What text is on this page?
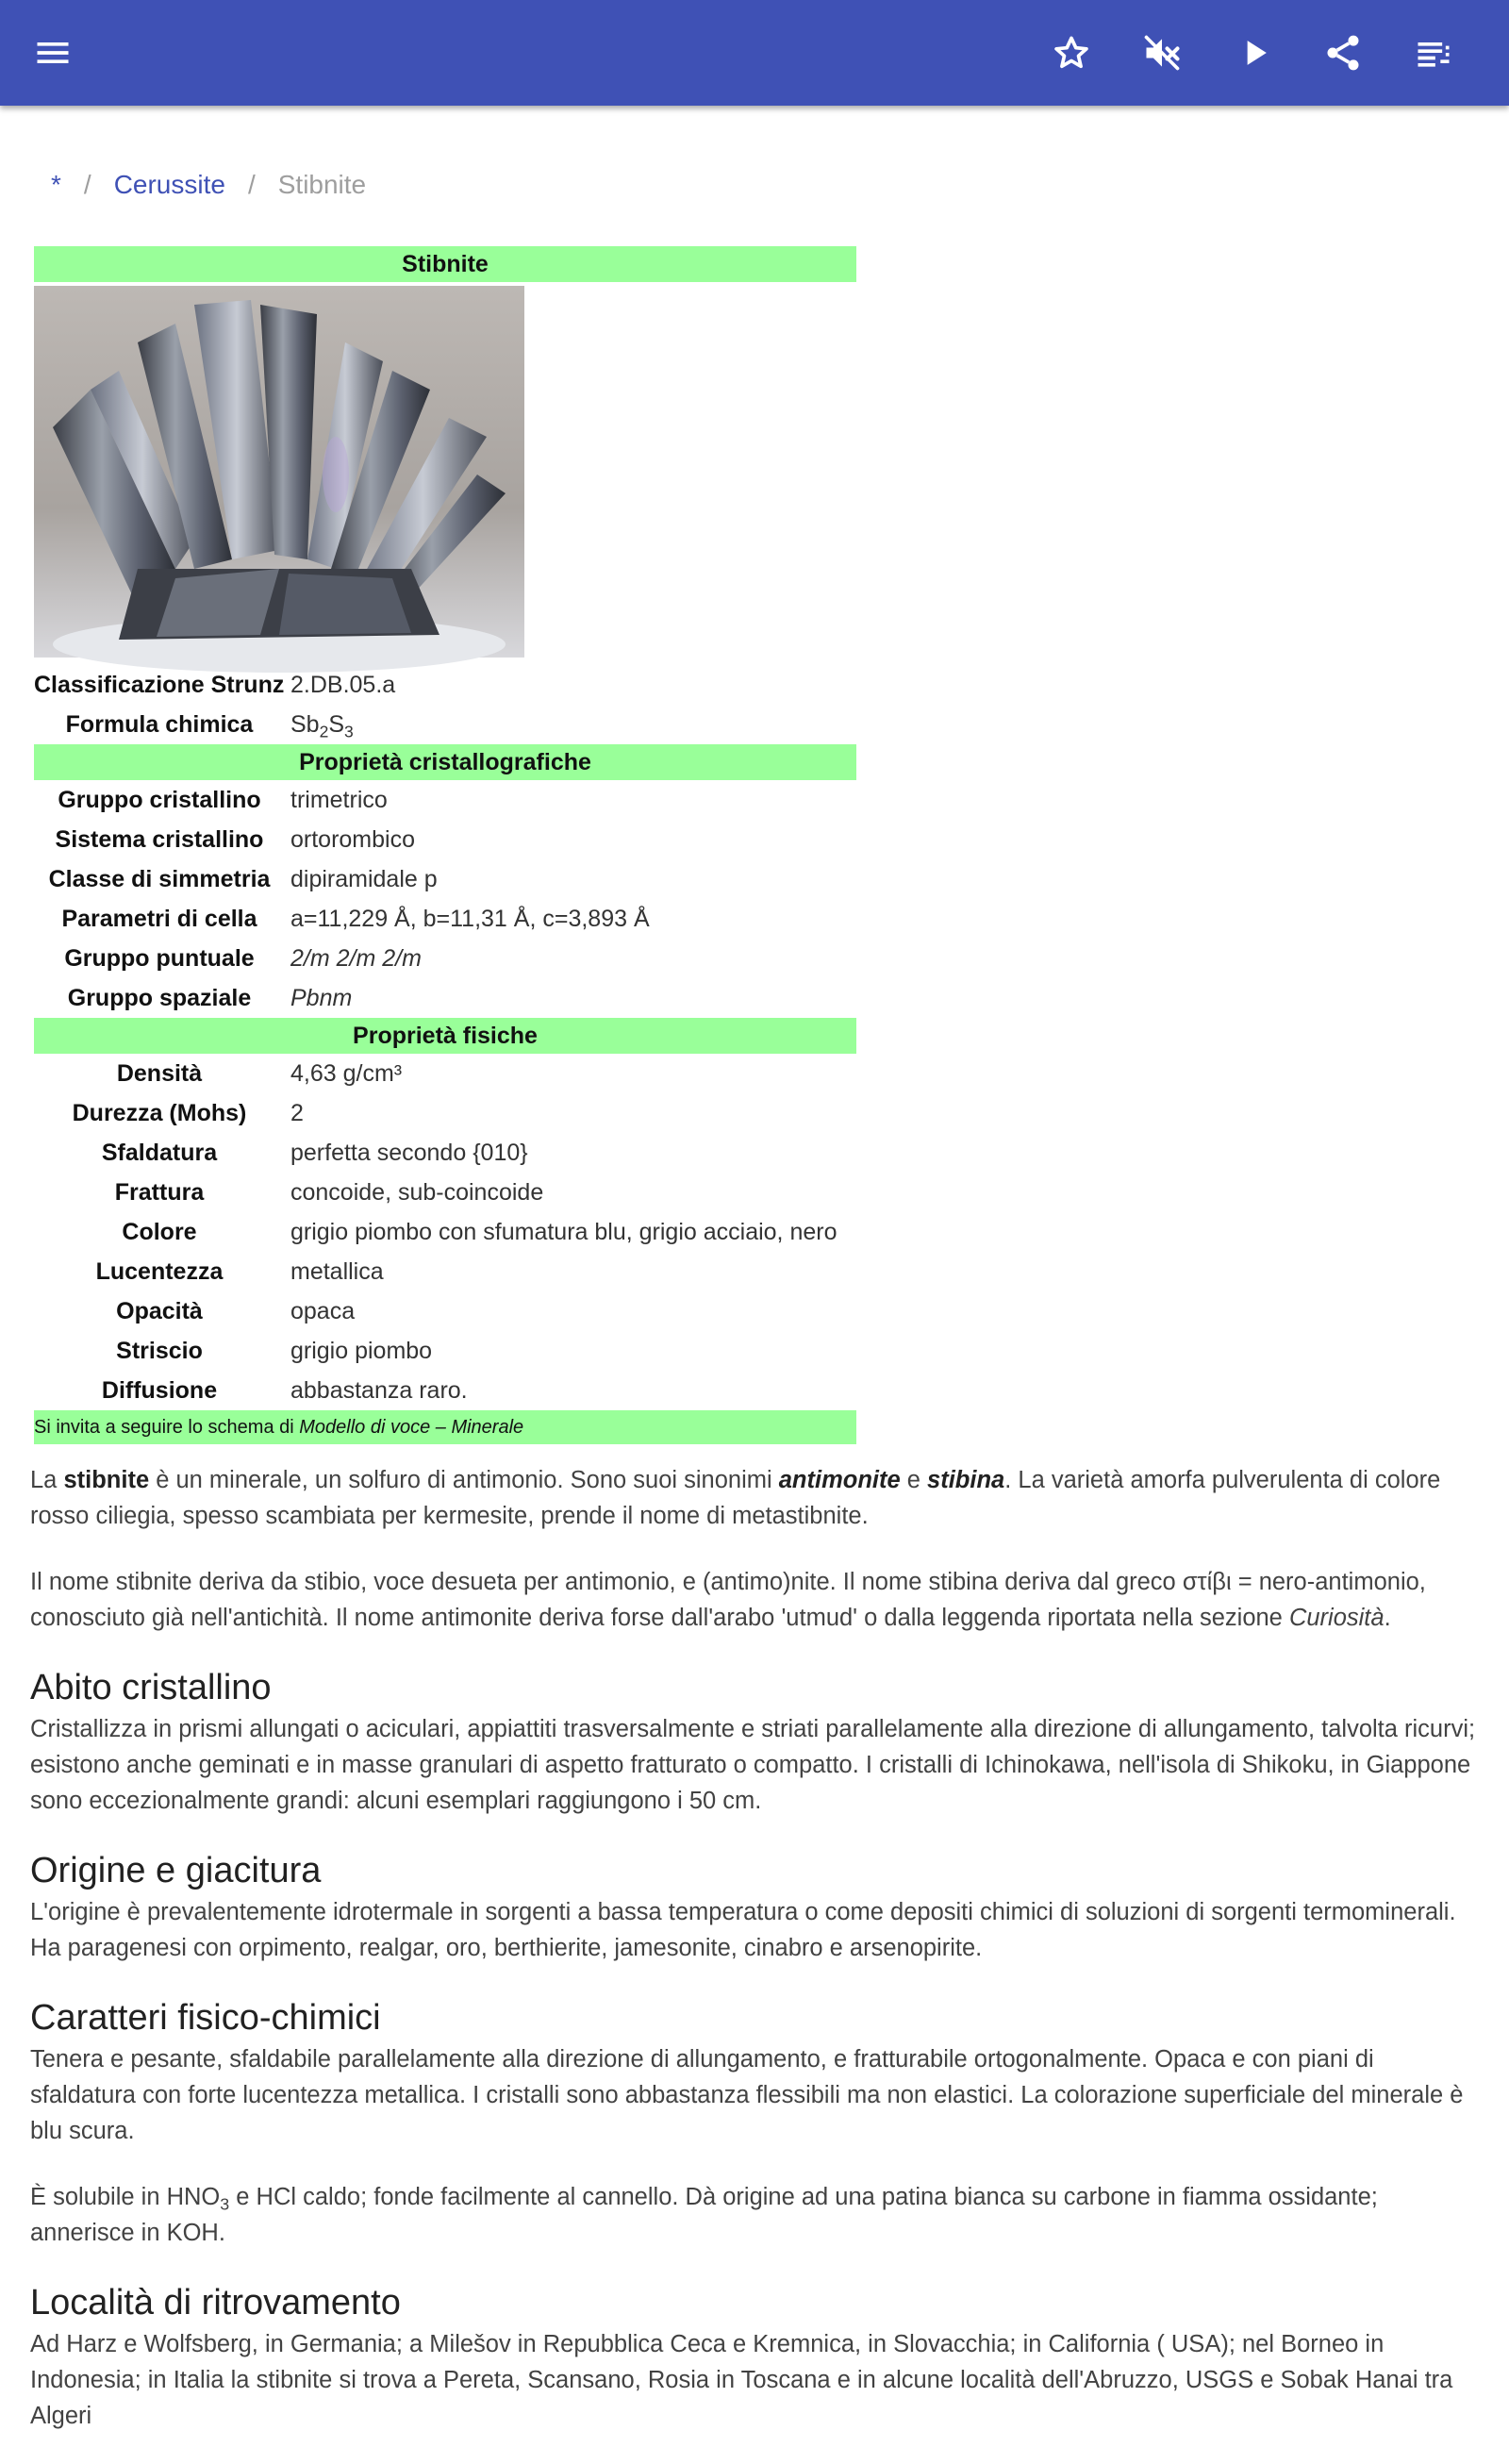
* / Cerussite / Stibnite
Stibnite
Classificazione Strunz 2.DB.05.a
Formula chimica	$Sb_2S_3$
Proprietà cristallografiche
Gruppo cristallino	trimetrico
Sistema cristallino	ortorombico
Classe di simmetria dipiramidale p
Parametri di cella	a=11,229 Å, b=11,31 Å, c=3,893 Å
Gruppo puntuale	2/m 2/m 2/m
Gruppo spaziale	Pbnm
Proprietà fisiche
Densità	4,63 g/cm³
Durezza (Mohs)	2
Sfaldatura	perfetta secondo {010}
Frattura	concoide, sub-coincoide
Colore	grigio piombo con sfumatura blu, grigio acciaio, nero
Lucentezza	metallica
Opacità	opaca
Striscio	grigio piombo
Diffusione	abbastanza raro.
Si invita a seguire lo schema di Modello di voce – Minerale

La stibnite è un minerale, un solfuro di antimonio. Sono suoi sinonimi antimonite e stibina. La varietà amorfa pulverulenta di colore rosso ciliegia, spesso scambiata per kermesite, prende il nome di metastibnite.

Il nome stibnite deriva da stibio, voce desueta per antimonio, e (antimo)nite. Il nome stibina deriva dal greco στίβι = nero-antimonio, conosciuto già nell'antichità. Il nome antimonite deriva forse dall'arabo 'utmud' o dalla leggenda riportata nella sezione Curiosità.

Abito cristallino

Cristallizza in prismi allungati o aciculari, appiattiti trasversalmente e striati parallelamente alla direzione di allungamento, talvolta ricurvi; esistono anche geminati e in masse granulari di aspetto fratturato o compatto. I cristalli di Ichinokawa, nell'isola di Shikoku, in Giappone sono eccezionalmente grandi: alcuni esemplari raggiungono i 50 cm.

Origine e giacitura

L'origine è prevalentemente idrotermale in sorgenti a bassa temperatura o come depositi chimici di soluzioni di sorgenti termominerali. Ha paragenesi con orpimento, realgar, oro, berthierite, jamesonite, cinabro e arsenopirite.

Caratteri fisico-chimici

Tenera e pesante, sfaldabile parallelamente alla direzione di allungamento, e fratturabile ortogonalmente. Opaca e con piani di sfaldatura con forte lucentezza metallica. I cristalli sono abbastanza flessibili ma non elastici. La colorazione superficiale del minerale è blu scura.

È solubile in $HNO_3$ e HCl caldo; fonde facilmente al cannello. Dà origine ad una patina bianca su carbone in fiamma ossidante; annerisce in KOH.

Località di ritrovamento

Ad Harz e Wolfsberg, in Germania; a Milešov in Repubblica Ceca e Kremnica, in Slovacchia; in California ( USA); nel Borneo in Indonesia; in Italia la stibnite si trova a Pereta, Scansano, Rosia in Toscana e in alcune località dell'Abruzzo, USGS e Sobak Hanai tra Algeri
